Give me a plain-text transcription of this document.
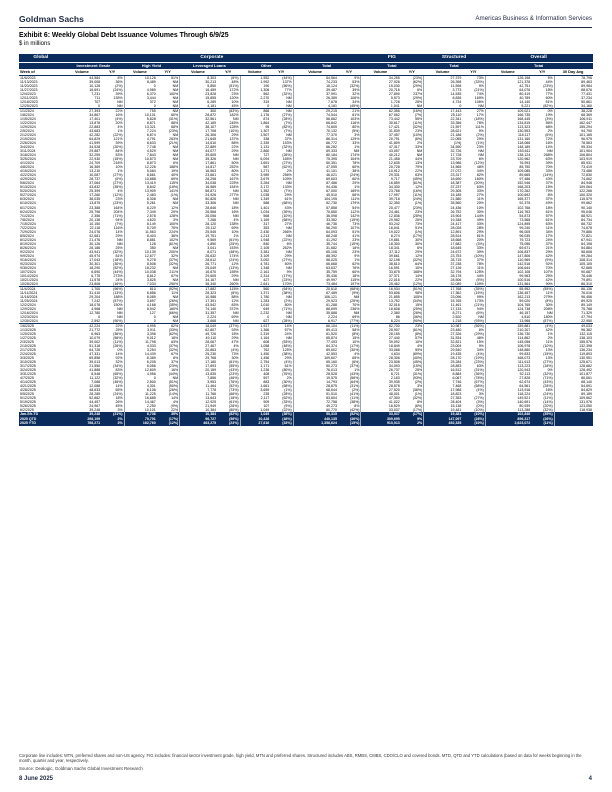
Goldman Sachs	Americas Business & Information Services
Exhibit 6: Weekly Global Debt Issuance Volumes Through 6/9/25
$ in millions
Global	Corporate										FIG		Structured		Overall		
	Investment Grade		High Yield		Leveraged Loans		Other		Total		Total		Total		Total		
Week of	Volume	Y/Y	Volume	Y/Y	Volume	Y/Y	Volume	Y/Y	Volume	Y/Y	Volume	Y/Y	Volume	Y/Y	Volume	Y/Y	30 Day Avg
11/6/2023	44,584	8%	10,126	51%	8,303	(6%)	1,552	(44%)	64,564	9%	34,255	(23%)	27,379	73%	126,198	5%	78,796
11/13/2023	39,008	36%	8,489	NM	30,213	48%	1,992	137%	74,233	53%	27,926	(62%)	26,398	(33%)	121,378	44%	89,463
11/20/2023	10,128	(2%)	0	NM	5,850	(51%)	190	(56%)	16,124	(32%)	15,030	(29%)	11,598	9%	42,751	(23%)	89,984
11/27/2023	16,691	(24%)	4,989	NM	16,459	172%	1,306	77%	39,487	39%	20,716	6%	3,773	(21%)	64,076	18%	88,676
12/4/2023	7,231	39%	6,370	100%	23,828	23%	562	(32%)	37,991	32%	27,890	237%	14,535	74%	80,419	77%	77,431
12/11/2023	711	135%	3,444	NM	15,855	120%	2,270	NM	26,389	106%	5,573	(29%)	8,836	169%	40,789	60%	37,234
12/18/2023	707	NM	372	NM	6,289	10%	319	NM	7,678	34%	1,728	28%	4,734	106%	14,140	51%	50,861
12/25/2023	0	NM	0	NM	4,181	45%	0	NM	4,181	(45%)	1,041	NM	0	NM	5,221	(82%)	34,160
1/1/2024	27,393	22%	755	NM	300	(63%)	868	NM	29,215	21%	62,356	(16%)	17,443	27%	109,021	0%	38,228
1/8/2024	34,867	16%	10,101	60%	28,872	182%	1,176	(27%)	74,544	61%	67,062	(7%)	25,110	17%	166,735	19%	68,369
1/15/2024	17,401	(4%)	5,828	(31%)	32,561	NM	874	(28%)	56,662	103%	73,442	55%	22,341	(18%)	168,445	(3%)	106,911
1/22/2024	13,878	20%	8,871	88%	42,189	245%	1,864	(7%)	66,842	116%	30,617	(11%)	33,356	78%	134,815	56%	162,447
1/29/2024	22,883	4%	13,321	68%	38,107	128%	95	(82%)	74,605	80%	17,421	(32%)	21,597	111%	113,323	68%	155,294
2/5/2024	43,683	1%	7,224	(23%)	17,708	(10%)	1,307	(7%)	70,132	(5%)	31,839	23%	28,621	9%	130,593	2%	94,790
2/12/2024	42,282	(22%)	6,874	NM	26,306	29%	1,507	NM	77,370	3%	37,457	(10%)	21,186	(2%)	118,117	(6%)	101,165
2/19/2024	64,829	121%	4,791	263%	21,645	137%	338	37%	86,314	129%	20,791	(6%)	22,055	29%	131,160	72%	96,975
2/26/2024	41,599	39%	8,633	(21%)	14,610	88%	2,339	153%	66,772	33%	41,809	2%	(1%)	(1%)	118,066	16%	78,563
3/4/2024	34,528	(20%)	7,748	NM	22,889	22%	1,131	(32%)	66,282	1%	47,317	33%	34,590	23%	148,189	14%	95,334
3/11/2024	29,887	84%	4,529	NM	44,077	29%	2,860	NM	69,333	NM	43,057	NM	32,726	NM	153,611	NM	101,904
3/18/2024	32,259	53%	7,843	NM	39,605	NM	727	(26%)	80,184	174%	40,212	NM	17,728	NM	138,124	268%	106,804
3/25/2024	22,930	(15%)	10,873	NM	35,326	NM	6,094	165%	75,395	104%	21,458	44%	23,709	6%	120,962	63%	103,919
4/1/2024	24,709	218%	8,873	6%	17,861	50%	1,691	(27%)	50,351	78%	12,635	13%	13,986	(12%)	76,993	39%	85,931
4/8/2024	16,369	10%	12,226	188%	14,817	252%	587	(62%)	47,055	60%	20,728	79%	14,565	48%	85,750	70%	73,419
4/15/2024	13,210	1%	5,084	19%	16,563	80%	1,271	2%	41,101	38%	10,912	22%	27,072	44%	109,085	33%	73,486
4/22/2024	10,087	(27%)	8,661	40%	23,661	62%	3,989	256%	46,021	(24%)	29,331	63%	23,317	82%	89,665	(14%)	72,830
4/29/2024	28,737	(0%)	10,888	69%	28,298	167%	3,679	109%	69,603	60%	9,717	(45%)	18,690	160%	97,486	43%	74,062
5/6/2024	37,064	(27%)	13,419	115%	34,038	225%	3,284	NM	87,486	29%	16,859	(61%)	18,387	(20%)	152,946	37%	84,948
5/13/2024	43,832	(35%)	8,842	(18%)	16,589	154%	3,172	133%	94,436	1%	34,330	12%	37,237	63%	168,203	15%	109,064
5/20/2024	25,399	4%	13,909	141%	58,871	NM	1,352	(7%)	67,000	169%	23,768	(16%)	29,305	33%	170,262	79%	122,266
5/27/2024	17,260	(12%)	2,483	(1%)	24,926	277%	1,035	29%	45,510	66%	17,997	(11%)	15,185	27%	100,692	8%	100,320
6/3/2024	38,035	23%	8,308	NM	50,826	NM	1,349	61%	104,195	111%	39,718	(24%)	21,580	11%	165,377	37%	115,579
6/10/2024	13,875	(23%)	5,261	NM	33,306	NM	588	(68%)	52,730	179%	32,350	(1%)	35,560	20%	92,375	49%	99,662
6/17/2024	23,388	164%	8,229	12%	28,846	18%	1,401	43%	57,858	54%	20,477	(23%)	24,436	10%	102,768	18%	90,140
6/24/2024	25,798	204%	7,349	29%	26,568	16%	1,034	(39%)	70,650	112%	24,461	23%	26,752	30%	116,763	61%	95,046
7/1/2024	2,356	(71%)	2,578	128%	26,056	NM	568	(10%)	36,098	142%	12,836	(28%)	15,904	144%	54,873	57%	88,921
7/8/2024	20,138	94%	4,620	3%	7,266	4%	1,169	(68%)	33,352	(15%)	29,982	26%	19,348	49%	73,568	61%	84,734
7/15/2024	10,150	(7%)	8,149	100%	28,120	138%	317	27%	46,736	73%	53,242	73%	24,417	33%	124,895	63%	88,732
7/22/2024	22,118	116%	5,709	75%	25,112	69%	353	NM	56,290	107%	16,041	51%	28,028	28%	99,240	11%	74,678
7/29/2024	24,076	14%	11,563	224%	25,545	10%	2,430	266%	64,093	51%	19,022	(1%)	12,891	29%	96,005	34%	79,886
8/5/2024	42,681	29%	8,403	38%	19,751	1%	1,213	NM	68,248	41%	8,274	(17%)	28,514	81%	96,035	17%	72,821
8/12/2024	21,476	NM	8,881	102%	9,569	(61%)	1,948	(22%)	41,292	23%	19,881	30%	18,668	20%	79,723	24%	67,941
8/19/2024	30,126	NM	128	(61%)	4,850	(25%)	840	6%	35,744	(15%)	18,300	30%	17,682	(3%)	75,056	37%	64,198
8/26/2024	28,186	25%	350	NM	3,041	153%	2,105	262%	31,682	18%	18,341	6%	18,645	33%	69,671	21%	54,884
9/2/2024	43,941	(32%)	10,139	200%	8,071	(48%)	3,381	NM	65,106	23%	37,112	29%	24,672	39%	106,837	29%	58,608
9/9/2024	45,974	81%	12,677	32%	26,632	174%	3,109	29%	88,392	9%	39,661	12%	23,753	(10%)	147,806	42%	99,284
9/16/2024	17,043	(18%)	9,278	(37%)	28,612	(24%)	3,092	(27%)	58,025	1%	32,198	(32%)	28,715	37%	110,969	(9%)	108,314
9/23/2024	30,301	(30%)	8,508	(32%)	26,771	12%	4,781	50%	66,668	62%	38,610	64%	37,238	78%	142,516	92%	105,105
9/30/2024	18,290	(52%)	18,232	NM	25,049	(13%)	1,348	NM	63,637	76%	16,591	10%	27,126	11%	106,644	70%	92,665
10/7/2024	6,690	(44%)	10,038	211%	16,670	155%	2,161	9%	35,759	60%	33,875	168%	32,794	125%	102,108	107%	90,687
10/14/2024	6,775	273%	8,812	67%	29,605	29%	2,314	(17%)	35,436	18%	37,371	14%	28,178	44%	99,963	25%	78,446
10/21/2024	11,578	24%	3,825	NM	34,167	NM	427	(23%)	49,997	115%	22,016	22%	28,506	(5%)	100,516	42%	79,891
10/28/2024	23,808	(16%)	7,034	250%	38,340	260%	2,641	170%	73,484	197%	25,462	(12%)	32,089	109%	131,564	90%	86,310
11/4/2024	1,700	(96%)	810	(92%)	17,882	115%	560	(64%)	20,610	(68%)	16,934	(51%)	17,768	(35%)	55,952	(55%)	86,136
11/11/2024	31,410	(13%)	6,856	11%	28,323	(6%)	1,371	(38%)	67,489	(9%)	53,606	98%	17,362	(15%)	136,457	11%	76,016
11/18/2024	29,204	188%	8,089	NM	10,988	88%	1,780	NM	106,121	NM	21,855	105%	23,096	99%	162,213	279%	96,456
11/25/2024	7,242	(57%)	3,697	(26%)	17,391	12%	1,283	(2%)	29,523	(25%)	13,752	(34%)	15,765	173%	59,020	(8%)	89,925
12/2/2024	18,078	150%	4,168	(35%)	43,542	83%	1,010	80%	61,288	70%	32,016	15%	11,461	(21%)	104,765	30%	89,149
12/9/2024	4,968	NM	8,942	160%	74,140	372%	649	(71%)	88,699	236%	18,608	(25%)	17,133	94%	124,738	206%	75,788
12/16/2024	12,780	NM	127	(66%)	31,357	NM	2,232	NM	35,888	NM	2,380	(28%)	8,271	(6%)	46,157	NM	71,329
12/23/2024	0	NM	0	NM	2,224	69%	0	NM	2,224	69%	86	(36%)	2,520	NM	4,810	180%	47,794
12/30/2024	2,592	(90%)	0	NM	3,668	NM	627	(28%)	6,917	(77%)	6,224	(90%)	1,218	(93%)	13,968	(87%)	22,950
1/6/2025	42,224	22%	4,995	62%	18,049	(37%)	1,917	14%	66,104	(11%)	82,700	23%	10,987	(56%)	159,881	(4%)	49,033
1/13/2025	21,772	25%	3,911	(33%)	62,807	93%	1,366	57%	89,413	58%	28,907	(61%)	23,480	6%	210,207	42%	96,382
1/20/2025	6,963	(36%)	3,396	(62%)	49,726	18%	2,319	24%	61,520	(8%)	28,155	(8%)	27,326	(29%)	136,730	1%	132,115
1/27/2025	10,079	(56%)	9,012	18%	49,110	29%	1,164	NM	65,874	15%	27,440	57%	31,534	46%	114,862	2%	138,103
2/3/2025	39,002	(11%)	11,798	63%	28,067	47%	608	(53%)	77,493	10%	39,092	10%	32,821	15%	145,056	11%	155,576
2/10/2025	51,318	(26%)	4,333	(37%)	27,467	4%	1,058	(48%)	64,374	(17%)	18,849	4%	23,004	9%	106,978	(10%)	132,398
2/17/2025	64,728	0%	3,254	(32%)	20,863	(4%)	762	125%	89,602	(30%)	33,068	59%	29,540	34%	148,880	13%	136,234
2/24/2025	47,331	14%	14,439	67%	25,230	73%	1,450	(38%)	42,553	4%	4,634	(89%)	19,435	(4%)	99,833	(15%)	119,893
3/3/2025	69,858	92%	8,389	8%	29,768	30%	1,456	29%	109,607	65%	28,306	(40%)	28,170	(19%)	168,073	13%	130,951
3/10/2025	39,013	32%	6,205	37%	17,180	(61%)	2,754	(4%)	65,160	(6%)	23,508	(45%)	25,284	(23%)	111,613	(27%)	125,671
3/17/2025	21,550	(34%)	6,056	(23%)	17,693	(55%)	1,171	61%	50,273	(37%)	34,093	(15%)	28,853	63%	113,223	(18%)	128,682
3/24/2025	41,888	83%	12,609	16%	20,159	(43%)	1,236	(80%)	76,013	1%	26,737	25%	16,512	(31%)	120,943	0%	128,492
3/31/2025	8,548	(65%)	4,956	(44%)	13,835	(23%)	408	(76%)	28,528	(43%)	8,721	(31%)	8,884	(36%)	52,113	(32%)	101,877
4/7/2025	11,122	(32%)	0	NM	7,856	(46%)	597	2%	19,575	(58%)	2,183	(93%)	6,067	(78%)	27,828	(71%)	80,061
4/14/2025	7,068	(46%)	2,500	(51%)	3,953	(76%)	883	(30%)	14,793	(64%)	39,935	(2%)	7,746	(67%)	62,674	(43%)	68,140
4/21/2025	12,088	14%	4,301	(50%)	11,464	(52%)	1,661	(68%)	28,875	(31%)	28,578	3%	7,468	(68%)	64,561	(28%)	54,691
4/28/2025	48,633	65%	8,106	(26%)	7,778	(73%)	3,659	(1%)	68,644	(2%)	27,520	(36%)	17,988	(4%)	113,916	16%	84,829
5/5/2025	28,285	(24%)	11,225	(14%)	11,766	(66%)	235	(28%)	51,510	(41%)	48,001	(1%)	18,823	3%	118,224	(24%)	89,189
5/12/2025	52,862	18%	16,685	14%	13,643	(18%)	2,117	(62%)	83,604	(11%)	47,300	(32%)	27,353	(27%)	149,521	(11%)	109,662
5/19/2025	44,457	26%	14,467	4%	12,925	(61%)	909	(33%)	72,758	(38%)	41,022	8%	28,404	(3%)	140,691	(14%)	131,976
5/26/2025	24,967	45%	2,250	(9%)	21,949	(28%)	107	(9%)	49,273	8%	16,529	(6%)	15,138	(0%)	80,939	(20%)	123,050
6/2/2025	39,248	3%	10,101	22%	10,384	(80%)	1,049	(22%)	60,770	(42%)	33,037	(17%)	19,481	(10%)	113,288	(32%)	118,938
Jan-Sfr-TD	39,248	(21%)	6,736	39%	10,384	(62%)	1,049	(36%)	50,315	(52%)	33,037	(17%)	19,481	(10%)	102,846	(35%)	
2025 QTD	298,199	2%	70,791	(17%)	96,727	(56%)	10,428	(48%)	440,135	(36%)	309,695	9%	147,097	(28%)	896,317	(26%)	
2025 YTD	768,271	3%	162,760	(12%)	463,275	(23%)	27,616	(33%)	1,358,624	(15%)	910,013	2%	452,335	(10%)	2,623,072	(11%)	
Corporate line includes: MTN, preferred shares and non-US agency. FIG includes: financial sector investment grade, high yield, MTN and preferred shares. Structured includes ABS, RMBS, CMBS, CDO/CLO and covered bonds. MTD, QTD and YTD calculations (based on data for weeks beginning in the month, quarter and year, respectively.
Source: Dealogic, Goldman Sachs Global Investment Research
8 June 2025	4
